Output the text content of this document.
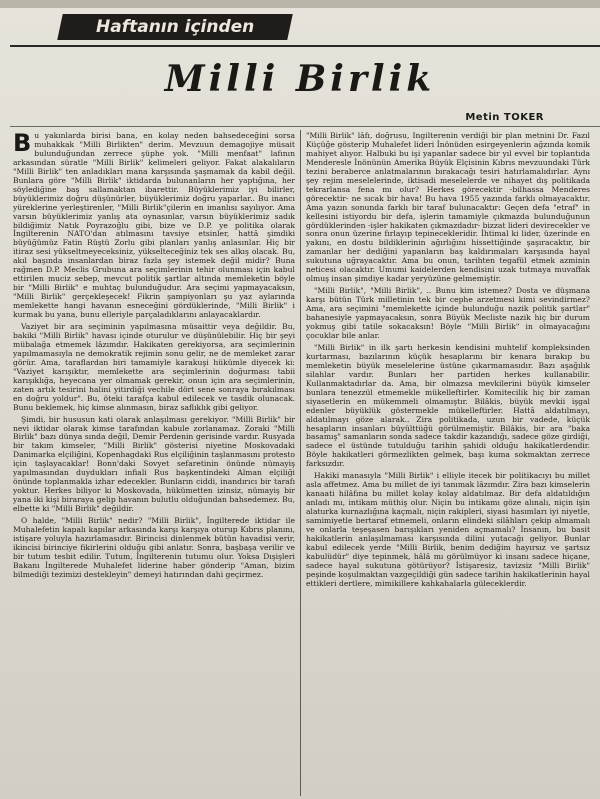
Haftanın içinden
Milli Birlik
Metin TOKER

Bu yakınlarda birisi bana, en kolay neden bahsedeceğini sorsa muhakkak "Milli Birlikten" derim. Mevzuun demagojiye müsait bulunduğundan zerrece şüphe yok. "Milli menfaat" lafının arkasından süratle "Milli Birlik" kelimeleri geliyor. Fakat alakalıların "Milli Birlik" ten anladıkları mana karşısında şaşmamak da kabil değil. Bunlara göre "Milli Birlik" iktidarda bulunanların her yaptığına, her söylediğine baş sallamaktan ibarettir. Büyüklerimiz iyi bilirler, büyüklerimiz doğru düşünürler, büyüklerimiz doğru yaparlar.. Bu inancı yüreklerine yerleştirenler, "Milli Birlik"çilerin en imanlısı sayılıyor. Ama varsın büyüklerimiz yanlış ata oynasınlar, varsın büyüklerimiz sadık bildiğimiz Natık Poyrazoğlu gibi, bize ve D.P. ye politika olarak İngilterenin NATO'dan atılmasını tavsiye etsinler, hattâ şimdiki büyüğümüz Fatin Rüştü Zorlu gibi planları yanlış anlasınlar. Hiç bir itiraz sesi yükseltmeyeceksiniz, yükselteceğiniz tek ses alkış olacak. Bu, akıl başında insanlardan biraz fazla şey istemek değil midir? Buna rağmen D.P. Meclis Grubuna ara seçimlerinin tehir olunması için kabul ettirilen muciz sebep, mevcut politik şartlar altında memleketin böyle bir "Milli Birlik" e muhtaç bulunduğudur. Ara seçimi yapmayacaksın, "Milli Birlik" gerçekleşecek! Fikrin şampiyonları şu yaz aylarında memlekette hangi havanın esneceğini gördüklerinde, "Milli Birlik" i kurmak bu yana, bunu elleriyle parçaladıklarını anlayacaklardır.

Vaziyet bir ara seçiminin yapılmasına müsaittir veya değildir. Bu, bakiki "Milli Birlik" havası içinde oturulur ve düşünülebilir. Hiç bir şeyi mübalağa etmemek lâzımdır. Hakikaten gerekiyorsa, ara seçimlerinin yapılmamasıyla ne demokratik rejimin sonu gelir, ne de memleket zarar görür. Ama, taraflardan biri tamamiyle karakuşi hükümle diyecek ki: "Vaziyet karışıktır, memlekette ara seçimlerinin doğurması tabii karışıklığa, heyecana yer olmamak gerekir, onun için ara seçimlerinin, zaten artık tesirini halini yitirdiği vechile dört sene sonraya bırakılması en doğru yoldur". Bu, öteki tarafça kabul edilecek ve tasdik olunacak. Bunu beklemek, hiç kimse alınmasın, biraz saflıklık gibi geliyor.

Şimdi, bir hususun kati olarak anlaşılması gerekiyor. "Milli Birlik" bir nevi iktidar olarak kimse tarafından kabule zorlanamaz. Zoraki "Milli Birlik" bazı dünya sında değil, Demir Perdenin gerisinde vardır. Rusyada bir takım kimseler, "Milli Birlik" gösterisi niyetine Moskovadaki Danimarka elçiliğini, Kopenhagdaki Rus elçiliğinin taşlanmasını protesto için taşlayacaklar! Bonn'daki Sovyet sefaretinin önünde nümayiş yapılmasından duydukları infiali Rus başkentindeki Alman elçiliği önünde toplanmakla izhar edecekler. Bunların ciddi, inandırıcı bir tarafı yoktur. Herkes biliyor ki Moskovada, hükümetten izinsiz, nümayiş bir yana iki kişi biraraya gelip havanın bulutlu olduğundan bahsedemez. Bu, elbette ki "Milli Birlik" değildir.

O halde, "Milli Birlik" nedir? "Milli Birlik", İngilterede iktidar ile Muhalefetin kapalı kapılar arkasında karşı karşıya oturup Kıbrıs planını, istişare yoluyla hazırlamasıdır. Birincisi dinlenmek bütün havadisi verir, ikincisi birinciye fikirlerini olduğu gibi anlatır. Sonra, başbaşa verilir ve bir tutum tesbit edilir. Tutum, İngilterenin tutumu olur. Yoksa Dışişleri Bakanı İngilterede Muhalefet liderine haber gönderip "Aman, bizim bilmediği tezimizi destekleyin" demeyi hatırından dahi geçirmez.

"Milli Birlik" lâfı, doğrusu, İngilterenin verdiği bir plan metnini Dr. Fazıl Küçüğe gösterip Muhalefet lideri İnönüden esirgeyenlerin ağzında komik mahiyet alıyor. Halbuki bu işi yapanlar sadece bir yıl evvel bir toplantıda Menderesle İnönünün Amerika Büyük Elçisinin Kıbrıs mevzuundaki Türk tezini beraberce anlatmalarının bırakacağı tesiri hatırlamalıdırlar. Aynı şey rejim meselelerinde, iktisadi meselelerde ve nihayet dış politikada tekrarlansa fena mı olur? Herkes görecektir -bilhassa Menderes görecektir- ne sıcak bir hava! Bu hava 1955 yazında farklı olmayacaktır. Ama yazın sonunda farklı bir taraf bulunacaktır: Geçen defa "etraf" in kellesini istiyordu bir defa, işlerin tamamiyle çıkmazda bulunduğunun gördüklerinden -işler hakikaten çıkmazdadır- bizzat lideri devirecekler ve sonra onun üzerine fırlayıp tepinecekleridir. İhtimal ki lider, üzerinde en yakını, en dostu bildiklerinin ağırlığını hissettiğinde şaşıracaktır, bir zamanlar her dediğini yapanların baş kaldırımaları karşısında hayal sukutuna uğrayacaktır. Ama bu onun, tarihten tegafül etmek azminin neticesi olacaktır. Umumi kaidelerden kendisini uzak tutmaya muvaffak olmuş insan şimdiye kadar yeryüzüne gelmemiştir.

"Milli Birlik", "Milli Birlik", .. Bunu kim istemez? Dosta ve düşmana karşı bütün Türk milletinin tek bir cephe arzetmesi kimi sevindirmez? Ama, ara seçimini "memlekette içinde bulunduğu nazik politik şartlar" bahanesiyle yapmayacaksın, sonra Büyük Mecliste nazik hiç bir durum yokmuş gibi tatile sokacaksın! Böyle "Milli Birlik" in olmayacağını çocuklar bile anlar.

"Milli Birlik" in ilk şartı herkesin kendisini muhtelif kompleksinden kurtarması, bazılarının küçük hesaplarını bir kenara bırakıp bu memleketin büyük meselelerine üstüne çıkarmamasıdır. Bazı aşağılık silahlar vardır. Bunları her partiden herkes kullanabilir. Kullanmaktadırlar da. Ama, bir olmazsa mevkilerini büyük kimseler bunlara tenezzül etmemekle mükelleftirler. Komitecilik hiç bir zaman siyasetlerin en mükemmeli olmamıştır. Bilâkis, büyük mevkii işgal edenler büyüklük göstermekle mükelleftirler. Hattâ aldatılmayı, aldatılmayı göze alarak.. Zira politikada, uzun bir vadede, küçük hesapların insanları büyülttüğü görülmemiştir. Bilâkis, bir ara "baka basamış" samanların sonda sadece takdir kazandığı, sadece göze girdiği, sadece el üstünde tutulduğu tarihin şahidi olduğu hakikatlerdendir. Böyle hakikatleri görmezlikten gelmek, başı kuma sokmaktan zerrece farksızdır.

Hakiki manasıyla "Milli Birlik" i elliyle itecek bir politikacıyı bu millet asla affetmez. Ama bu millet de iyi tanımak lâzımdır. Zira bazı kimselerin kanaati hilâfına bu millet kolay kolay aldatılmaz. Bir defa aldatıldığın anladı mı, intikam müthiş olur. Niçin bu intikamı göze alınalı, niçin işin alaturka kurnazlığına kaçmalı, niçin rakipleri, siyasi hasımları iyi niyetle, samimiyetle bertaraf etmemeli, onların elindeki silâhları çekip almamalı ve onlarla teşeşasen barışıkları yeniden açmamalı? İnsanın, bu basit hakikatlerin anlaşılmaması karşısında dilini yutacağı geliyor. Bunlar kabul edilecek yerde "Milli Birlik, benim dediğim hayırsız ve şartsız kabulüdür" diye tepinmek, hâlâ mı görülmüyor ki insanı sadece hiçane, sadece hayal sukutuna götürüyor? İstişaresiz, tavizsiz "Milli Birlik" peşinde koşulmaktan vazgeçildiği gün sadece tarihin hakikatlerinin hayal ettikleri dertlere, mimikillere kahkahalarla güleceklerdir.
